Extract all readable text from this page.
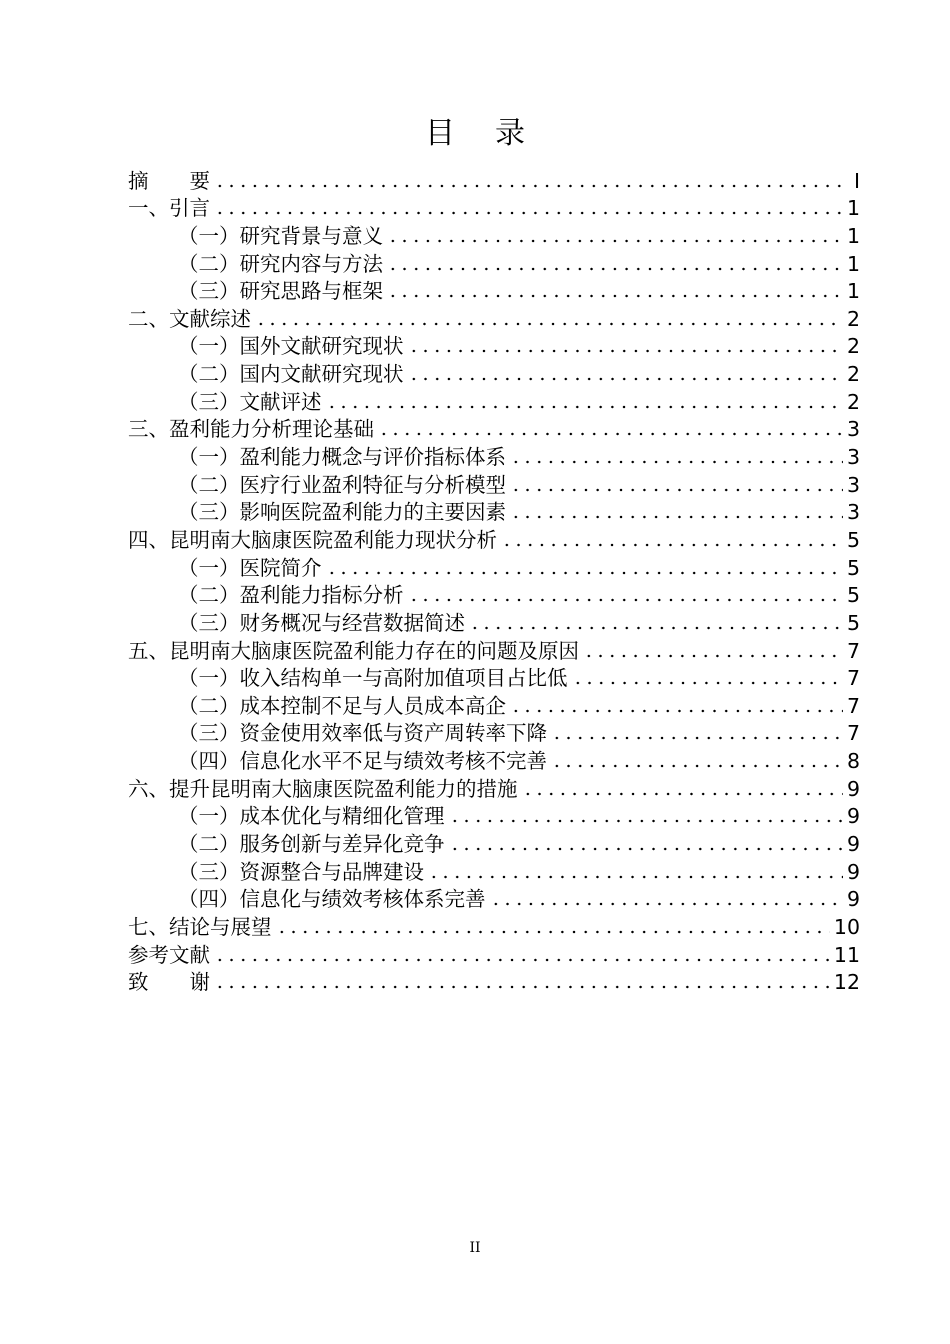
目 录
摘　　要	I
一、引言	1
（一）研究背景与意义	1
（二）研究内容与方法	1
（三）研究思路与框架	1
二、文献综述	2
（一）国外文献研究现状	2
（二）国内文献研究现状	2
（三）文献评述	2
三、盈利能力分析理论基础	3
（一）盈利能力概念与评价指标体系	3
（二）医疗行业盈利特征与分析模型	3
（三）影响医院盈利能力的主要因素	3
四、昆明南大脑康医院盈利能力现状分析	5
（一）医院简介	5
（二）盈利能力指标分析	5
（三）财务概况与经营数据简述	5
五、昆明南大脑康医院盈利能力存在的问题及原因	7
（一）收入结构单一与高附加值项目占比低	7
（二）成本控制不足与人员成本高企	7
（三）资金使用效率低与资产周转率下降	7
（四）信息化水平不足与绩效考核不完善	8
六、提升昆明南大脑康医院盈利能力的措施	9
（一）成本优化与精细化管理	9
（二）服务创新与差异化竞争	9
（三）资源整合与品牌建设	9
（四）信息化与绩效考核体系完善	9
七、结论与展望	10
参考文献	11
致　　谢	12
II
